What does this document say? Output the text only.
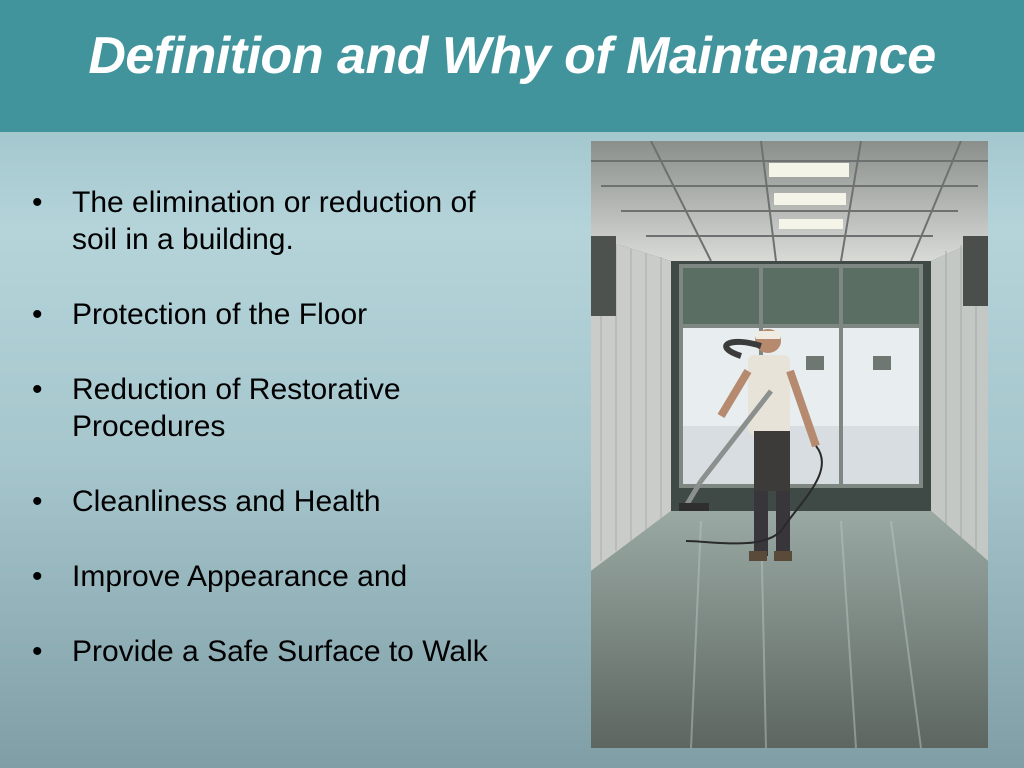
Definition and Why of Maintenance
• The elimination or reduction of
soil in a building.
• Protection of the Floor
• Reduction of Restorative
Procedures
• Cleanliness and Health
• Improve Appearance and
• Provide a Safe Surface to Walk
